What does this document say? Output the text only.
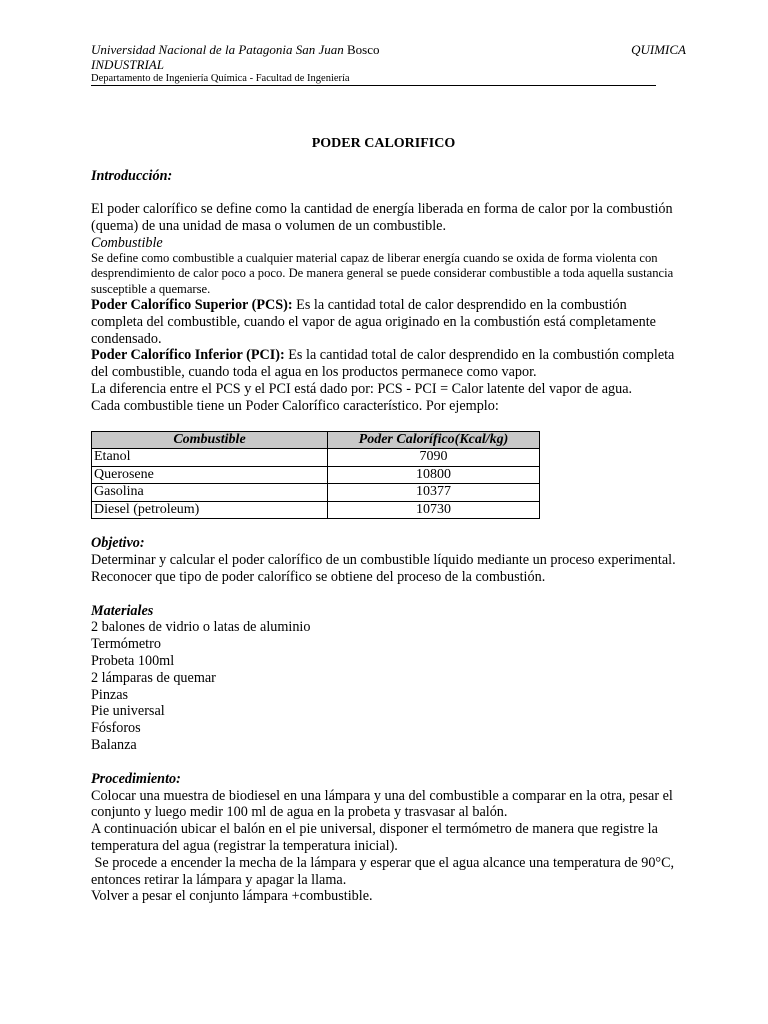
Universidad Nacional de la Patagonia San Juan Bosco	QUIMICA
INDUSTRIAL
Departamento de Ingeniería Química - Facultad de Ingeniería
PODER CALORIFICO
Introducción:

El poder calorífico se define como la cantidad de energía liberada en forma de calor por la combustión (quema) de una unidad de masa o volumen de un combustible.

Combustible

Se define como combustible a cualquier material capaz de liberar energía cuando se oxida de forma violenta con desprendimiento de calor poco a poco. De manera general se puede considerar combustible a toda aquella sustancia susceptible a quemarse.

Poder Calorífico Superior (PCS): Es la cantidad total de calor desprendido en la combustión completa del combustible, cuando el vapor de agua originado en la combustión está completamente condensado.

Poder Calorífico Inferior (PCI): Es la cantidad total de calor desprendido en la combustión completa del combustible, cuando toda el agua en los productos permanece como vapor.

La diferencia entre el PCS y el PCI está dado por: PCS - PCI = Calor latente del vapor de agua.

Cada combustible tiene un Poder Calorífico característico. Por ejemplo:

Combustible	Poder Calorífico(Kcal/kg)
Etanol	7090
Querosene	10800
Gasolina	10377
Diesel (petroleum)	10730
Objetivo:

Determinar y calcular el poder calorífico de un combustible líquido mediante un proceso experimental. Reconocer que tipo de poder calorífico se obtiene del proceso de la combustión.

Materiales
2 balones de vidrio o latas de aluminio
Termómetro
Probeta 100ml
2 lámparas de quemar
Pinzas
Pie universal
Fósforos
Balanza
Procedimiento:

Colocar una muestra de biodiesel en una lámpara y una del combustible a comparar en la otra, pesar el conjunto y luego medir 100 ml de agua en la probeta y trasvasar al balón.

A continuación ubicar el balón en el pie universal, disponer el termómetro de manera que registre la temperatura del agua (registrar la temperatura inicial).

Se procede a encender la mecha de la lámpara y esperar que el agua alcance una temperatura de 90°C, entonces retirar la lámpara y apagar la llama.

Volver a pesar el conjunto lámpara +combustible.
